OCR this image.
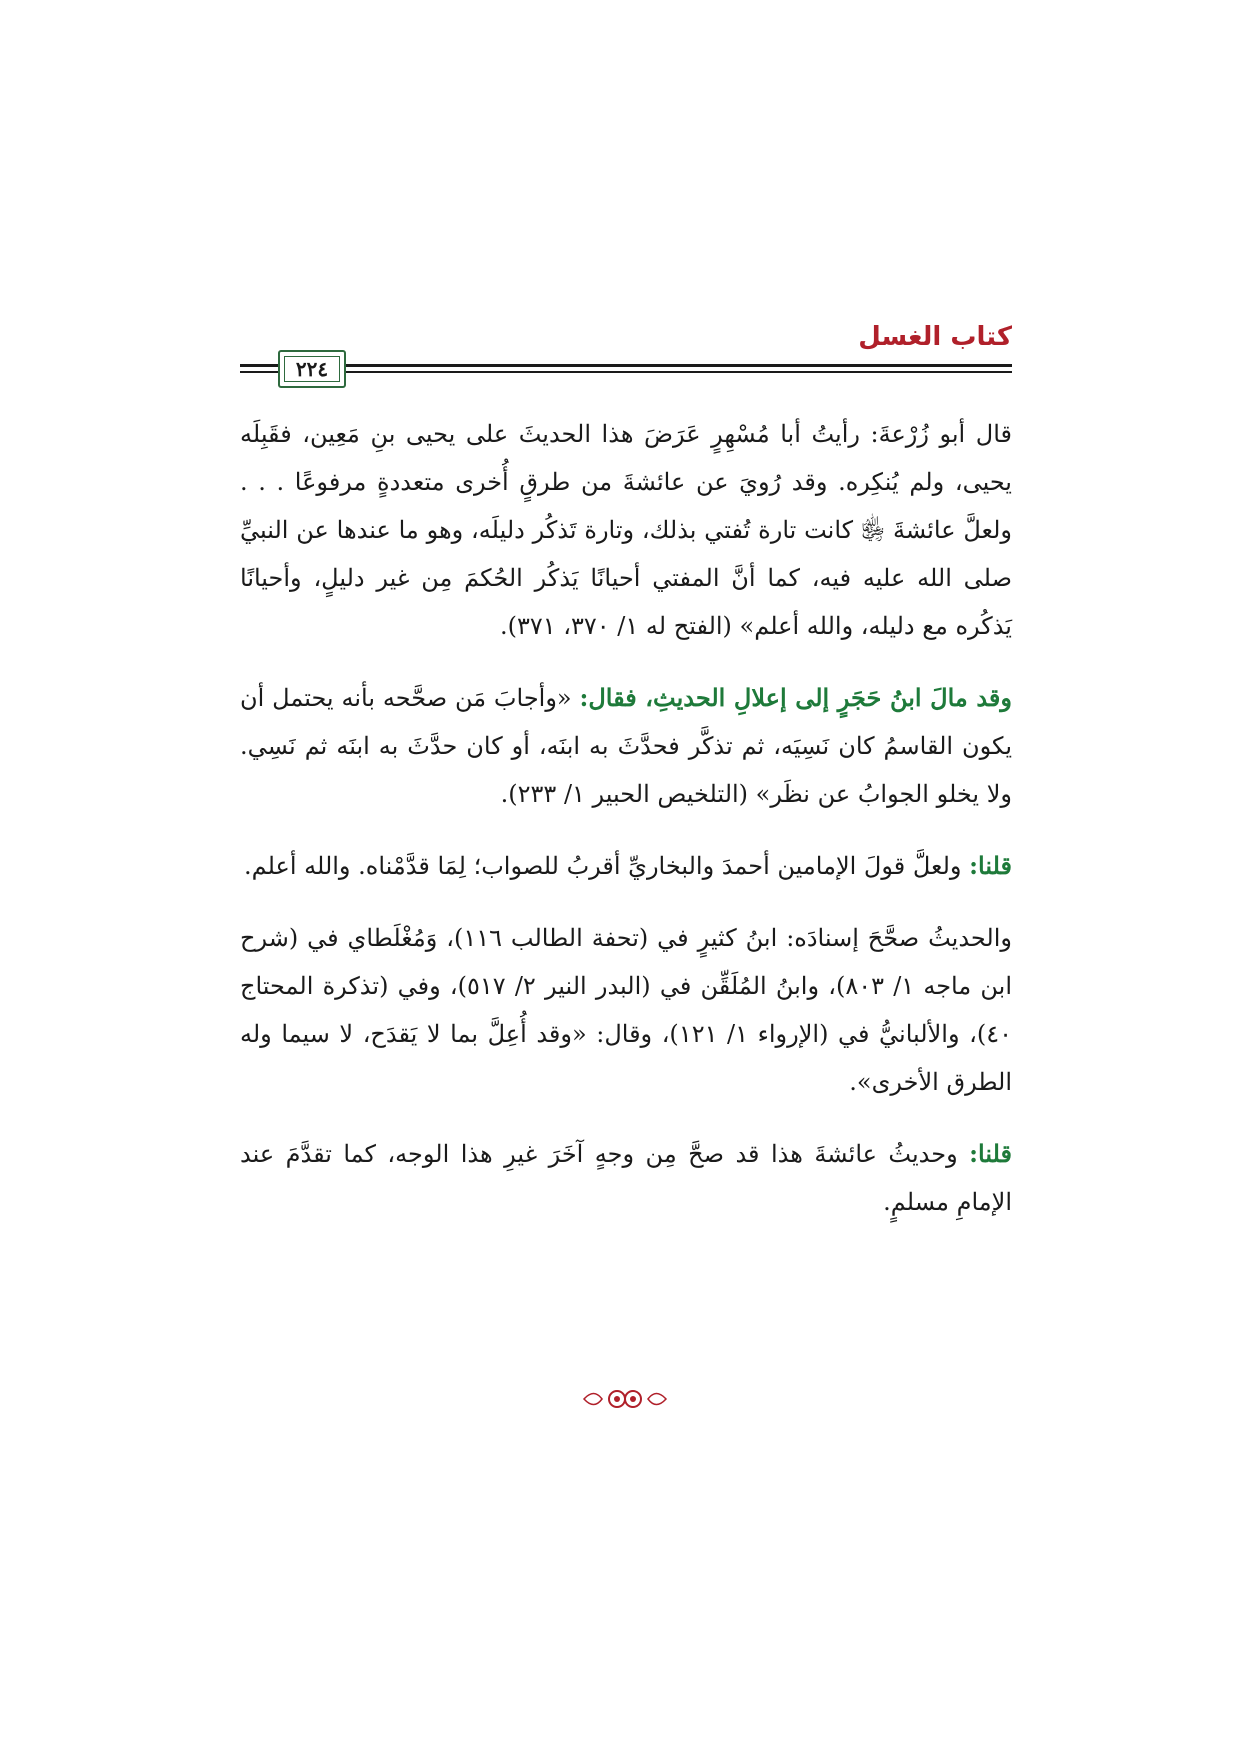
كتاب الغسل
٢٢٤

قال أبو زُرْعةَ: رأيتُ أبا مُسْهِرٍ عَرَضَ هذا الحديثَ على يحيى بنِ مَعِين، فقَبِلَه يحيى، ولم يُنكِره. وقد رُويَ عن عائشةَ من طرقٍ أُخرى متعددةٍ مرفوعًا . . . ولعلَّ عائشةَ ﵂ كانت تارة تُفتي بذلك، وتارة تَذكُر دليلَه، وهو ما عندها عن النبيِّ صلى الله عليه فيه، كما أنَّ المفتي أحيانًا يَذكُر الحُكمَ مِن غير دليلٍ، وأحيانًا يَذكُره مع دليله، والله أعلم» (الفتح له ١/ ٣٧٠، ٣٧١).

وقد مالَ ابنُ حَجَرٍ إلى إعلالِ الحديثِ، فقال: «وأجابَ مَن صحَّحه بأنه يحتمل أن يكون القاسمُ كان نَسِيَه، ثم تذكَّر فحدَّثَ به ابنَه، أو كان حدَّثَ به ابنَه ثم نَسِي. ولا يخلو الجوابُ عن نظَر» (التلخيص الحبير ١/ ٢٣٣).

قلنا: ولعلَّ قولَ الإمامين أحمدَ والبخاريِّ أقربُ للصواب؛ لِمَا قدَّمْناه. والله أعلم.

والحديثُ صحَّحَ إسنادَه: ابنُ كثيرٍ في (تحفة الطالب ١١٦)، وَمُغْلَطاي في (شرح ابن ماجه ١/ ٨٠٣)، وابنُ المُلَقِّن في (البدر النير ٢/ ٥١٧)، وفي (تذكرة المحتاج ٤٠)، والألبانيُّ في (الإرواء ١/ ١٢١)، وقال: «وقد أُعِلَّ بما لا يَقدَح، لا سيما وله الطرق الأخرى».

قلنا: وحديثُ عائشةَ هذا قد صحَّ مِن وجهٍ آخَرَ غيرِ هذا الوجه، كما تقدَّمَ عند الإمامِ مسلمٍ.
